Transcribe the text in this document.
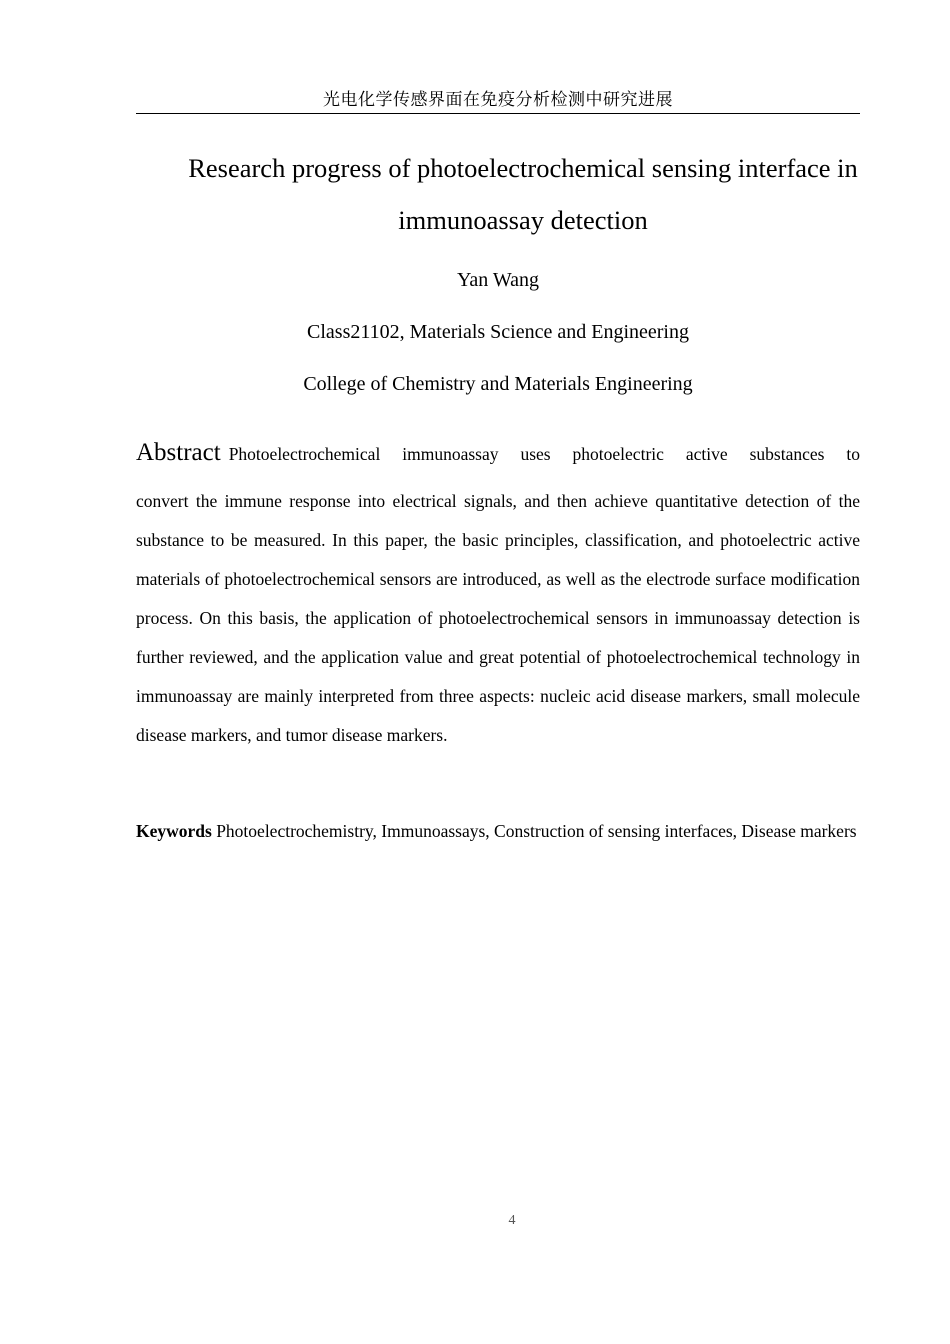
光电化学传感界面在免疫分析检测中研究进展
Research progress of photoelectrochemical sensing interface in immunoassay detection
Yan Wang
Class21102, Materials Science and Engineering
College of Chemistry and Materials Engineering

Abstract Photoelectrochemical immunoassay uses photoelectric active substances to
convert the immune response into electrical signals, and then achieve quantitative detection of the substance to be measured. In this paper, the basic principles, classification, and photoelectric active materials of photoelectrochemical sensors are introduced, as well as the electrode surface modification process. On this basis, the application of photoelectrochemical sensors in immunoassay detection is further reviewed, and the application value and great potential of photoelectrochemical technology in immunoassay are mainly interpreted from three aspects: nucleic acid disease markers, small molecule disease markers, and tumor disease markers.

Keywords Photoelectrochemistry, Immunoassays, Construction of sensing interfaces, Disease markers

4
